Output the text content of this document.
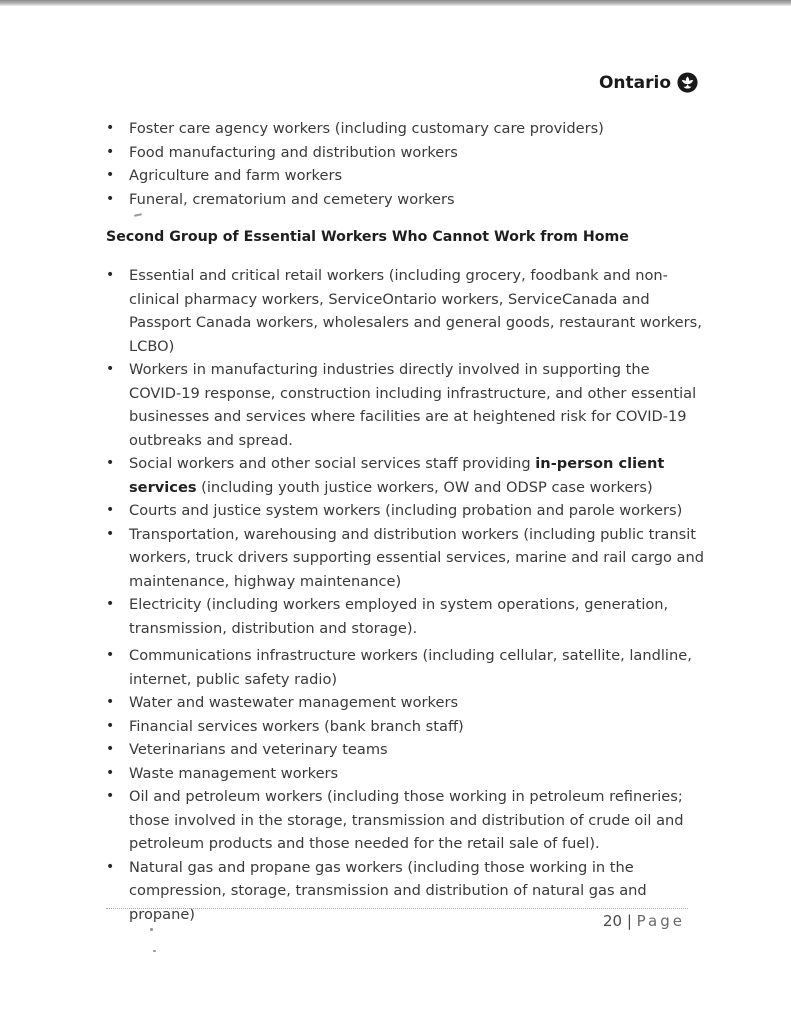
Ontario
• Foster care agency workers (including customary care providers)
• Food manufacturing and distribution workers
• Agriculture and farm workers
• Funeral, crematorium and cemetery workers
Second Group of Essential Workers Who Cannot Work from Home
• Essential and critical retail workers (including grocery, foodbank and non-clinical pharmacy workers, ServiceOntario workers, ServiceCanada and Passport Canada workers, wholesalers and general goods, restaurant workers, LCBO)
• Workers in manufacturing industries directly involved in supporting the COVID-19 response, construction including infrastructure, and other essential businesses and services where facilities are at heightened risk for COVID-19 outbreaks and spread.
• Social workers and other social services staff providing in-person client services (including youth justice workers, OW and ODSP case workers)
• Courts and justice system workers (including probation and parole workers)
• Transportation, warehousing and distribution workers (including public transit workers, truck drivers supporting essential services, marine and rail cargo and maintenance, highway maintenance)
• Electricity (including workers employed in system operations, generation, transmission, distribution and storage).
• Communications infrastructure workers (including cellular, satellite, landline, internet, public safety radio)
• Water and wastewater management workers
• Financial services workers (bank branch staff)
• Veterinarians and veterinary teams
• Waste management workers
• Oil and petroleum workers (including those working in petroleum refineries; those involved in the storage, transmission and distribution of crude oil and petroleum products and those needed for the retail sale of fuel).
• Natural gas and propane gas workers (including those working in the compression, storage, transmission and distribution of natural gas and propane)	20 | Page
